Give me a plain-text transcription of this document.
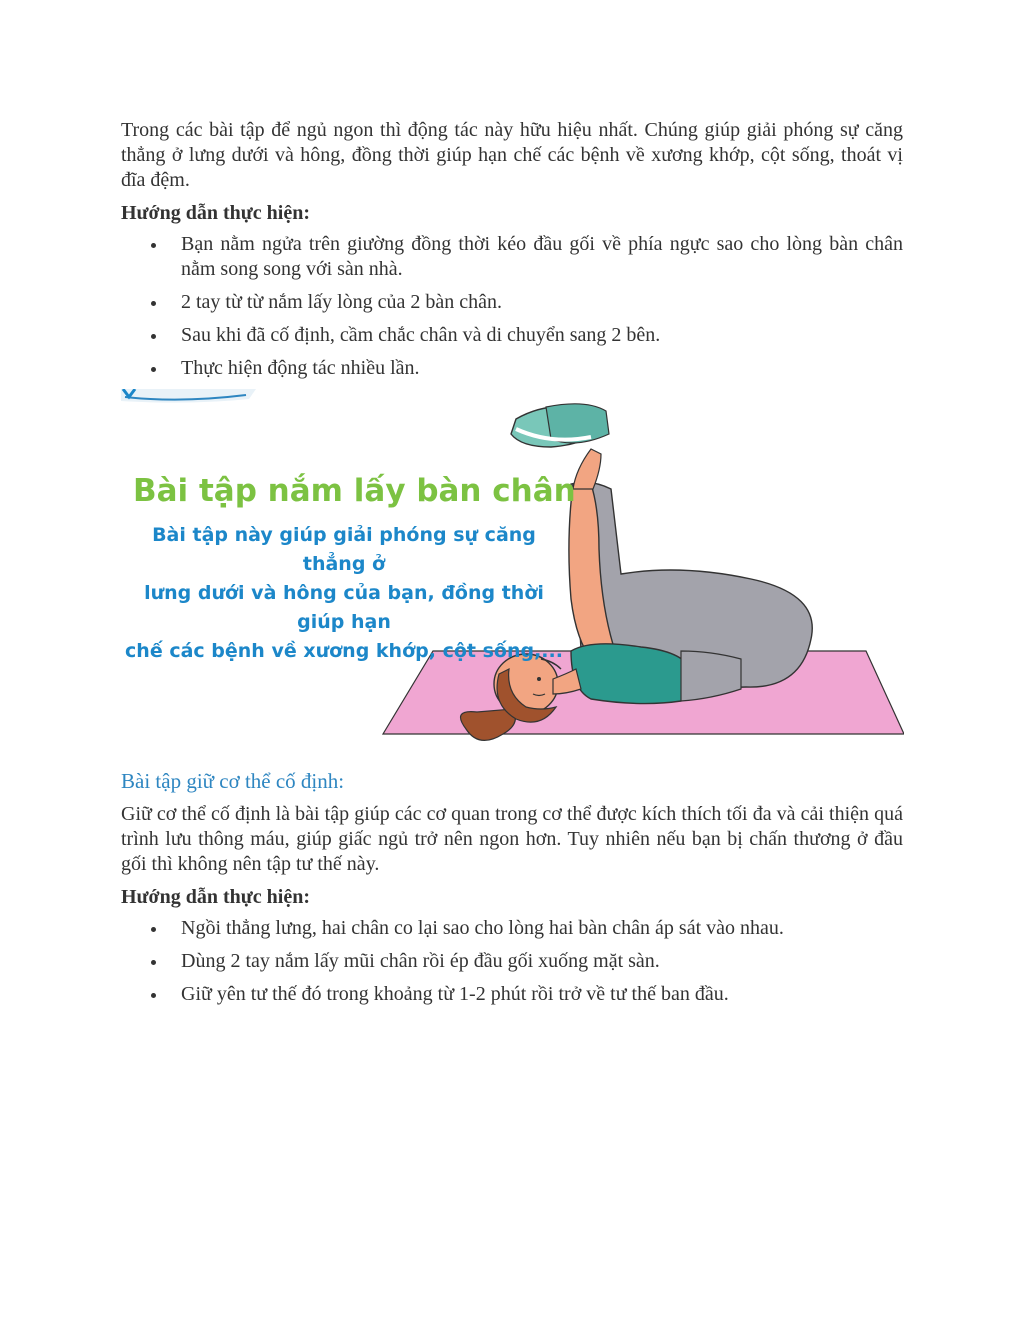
Trong các bài tập để ngủ ngon thì động tác này hữu hiệu nhất. Chúng giúp giải phóng sự căng thẳng ở lưng dưới và hông, đồng thời giúp hạn chế các bệnh về xương khớp, cột sống, thoát vị đĩa đệm.

Hướng dẫn thực hiện:

Bạn nằm ngửa trên giường đồng thời kéo đầu gối về phía ngực sao cho lòng bàn chân nằm song song với sàn nhà.
2 tay từ từ nắm lấy lòng của 2 bàn chân.
Sau khi đã cố định, cầm chắc chân và di chuyển sang 2 bên.
Thực hiện động tác nhiều lần.

Bài tập nắm lấy bàn chân

Bài tập này giúp giải phóng sự căng thẳng ở
lưng dưới và hông của bạn, đồng thời giúp hạn
chế các bệnh về xương khớp, cột sống,...

Bài tập giữ cơ thể cố định:

Giữ cơ thể cố định là bài tập giúp các cơ quan trong cơ thể được kích thích tối đa và cải thiện quá trình lưu thông máu, giúp giấc ngủ trở nên ngon hơn. Tuy nhiên nếu bạn bị chấn thương ở đầu gối thì không nên tập tư thế này.

Hướng dẫn thực hiện:

Ngồi thẳng lưng, hai chân co lại sao cho lòng hai bàn chân áp sát vào nhau.
Dùng 2 tay nắm lấy mũi chân rồi ép đầu gối xuống mặt sàn.
Giữ yên tư thế đó trong khoảng từ 1-2 phút rồi trở về tư thế ban đầu.
